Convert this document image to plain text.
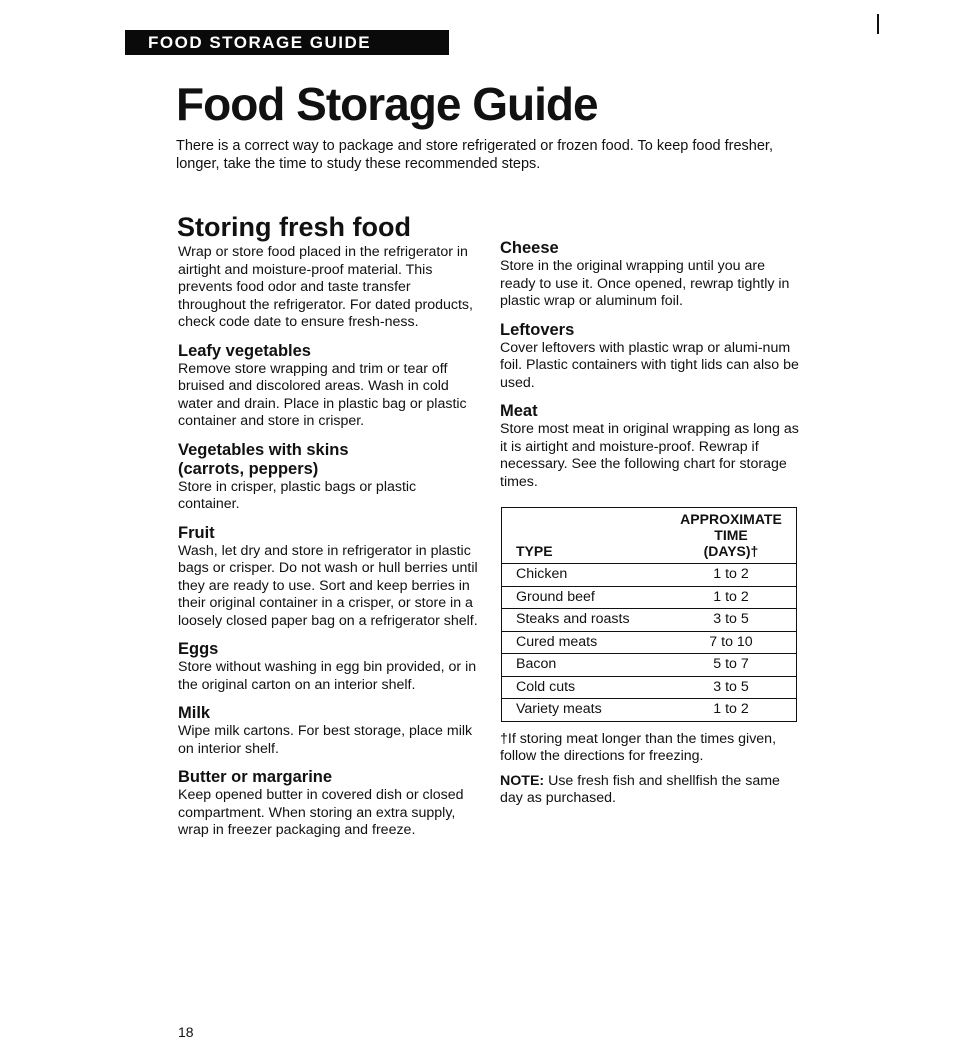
FOOD STORAGE GUIDE
Food Storage Guide

There is a correct way to package and store refrigerated or frozen food. To keep food fresher, longer, take the time to study these recommended steps.

Storing fresh food

Wrap or store food placed in the refrigerator in airtight and moisture-proof material. This prevents food odor and taste transfer throughout the refrigerator. For dated products, check code date to ensure fresh-ness.

Leafy vegetables

Remove store wrapping and trim or tear off bruised and discolored areas. Wash in cold water and drain. Place in plastic bag or plastic container and store in crisper.

Vegetables with skins (carrots, peppers)

Store in crisper, plastic bags or plastic container.

Fruit

Wash, let dry and store in refrigerator in plastic bags or crisper. Do not wash or hull berries until they are ready to use. Sort and keep berries in their original container in a crisper, or store in a loosely closed paper bag on a refrigerator shelf.

Eggs

Store without washing in egg bin provided, or in the original carton on an interior shelf.

Milk

Wipe milk cartons. For best storage, place milk on interior shelf.

Butter or margarine

Keep opened butter in covered dish or closed compartment. When storing an extra supply, wrap in freezer packaging and freeze.

Cheese

Store in the original wrapping until you are ready to use it. Once opened, rewrap tightly in plastic wrap or aluminum foil.

Leftovers

Cover leftovers with plastic wrap or alumi-num foil. Plastic containers with tight lids can also be used.

Meat

Store most meat in original wrapping as long as it is airtight and moisture-proof. Rewrap if necessary. See the following chart for storage times.

TYPE	APPROXIMATE TIME
(DAYS)†
Chicken	1 to 2
Ground beef	1 to 2
Steaks and roasts	3 to 5
Cured meats	7 to 10
Bacon	5 to 7
Cold cuts	3 to 5
Variety meats	1 to 2

†If storing meat longer than the times given, follow the directions for freezing.

NOTE: Use fresh fish and shellfish the same day as purchased.

18
